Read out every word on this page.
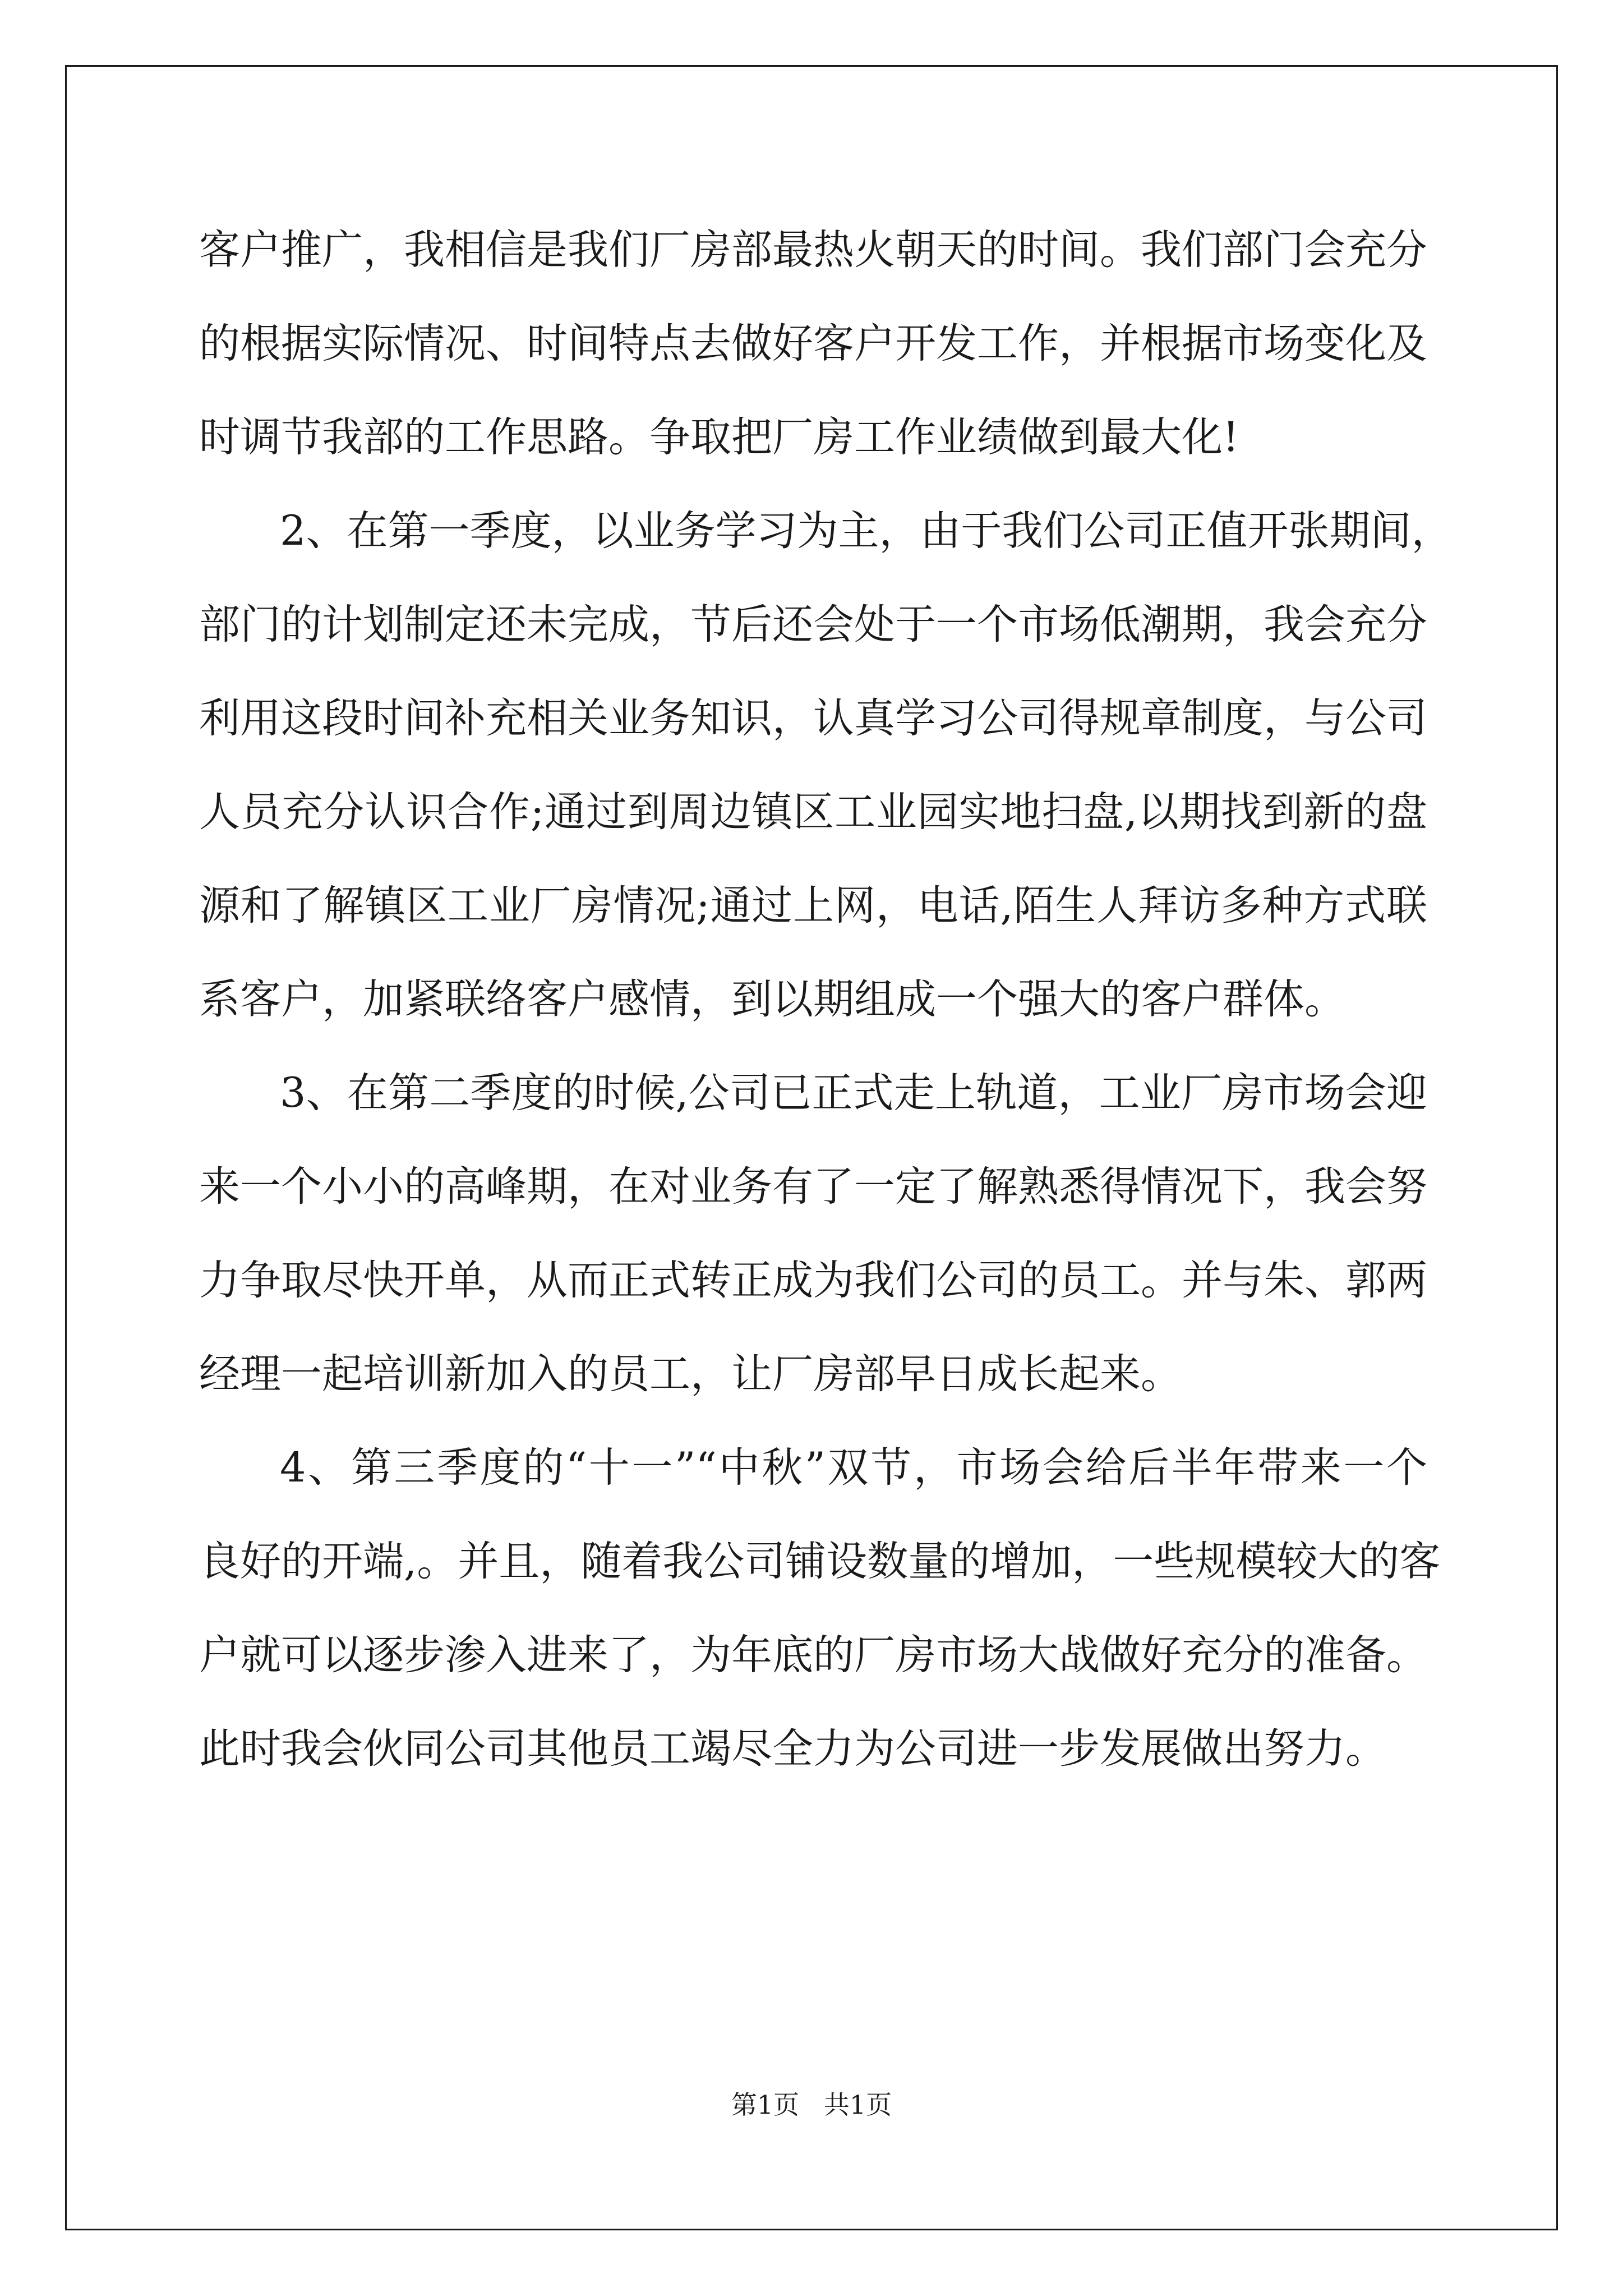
客户推广，我相信是我们厂房部最热火朝天的时间。我们部门会充分
的根据实际情况、时间特点去做好客户开发工作，并根据市场变化及
时调节我部的工作思路。争取把厂房工作业绩做到最大化!
2、在第一季度，以业务学习为主，由于我们公司正值开张期间，
部门的计划制定还未完成，节后还会处于一个市场低潮期，我会充分
利用这段时间补充相关业务知识，认真学习公司得规章制度，与公司
人员充分认识合作;通过到周边镇区工业园实地扫盘,以期找到新的盘
源和了解镇区工业厂房情况;通过上网，电话,陌生人拜访多种方式联
系客户，加紧联络客户感情，到以期组成一个强大的客户群体。
3、在第二季度的时候,公司已正式走上轨道，工业厂房市场会迎
来一个小小的高峰期，在对业务有了一定了解熟悉得情况下，我会努
力争取尽快开单，从而正式转正成为我们公司的员工。并与朱、郭两
经理一起培训新加入的员工，让厂房部早日成长起来。
4、第三季度的“十一”“中秋”双节，市场会给后半年带来一个
良好的开端,。并且，随着我公司铺设数量的增加，一些规模较大的客
户就可以逐步渗入进来了，为年底的厂房市场大战做好充分的准备。
此时我会伙同公司其他员工竭尽全力为公司进一步发展做出努力。
第1页   共1页
